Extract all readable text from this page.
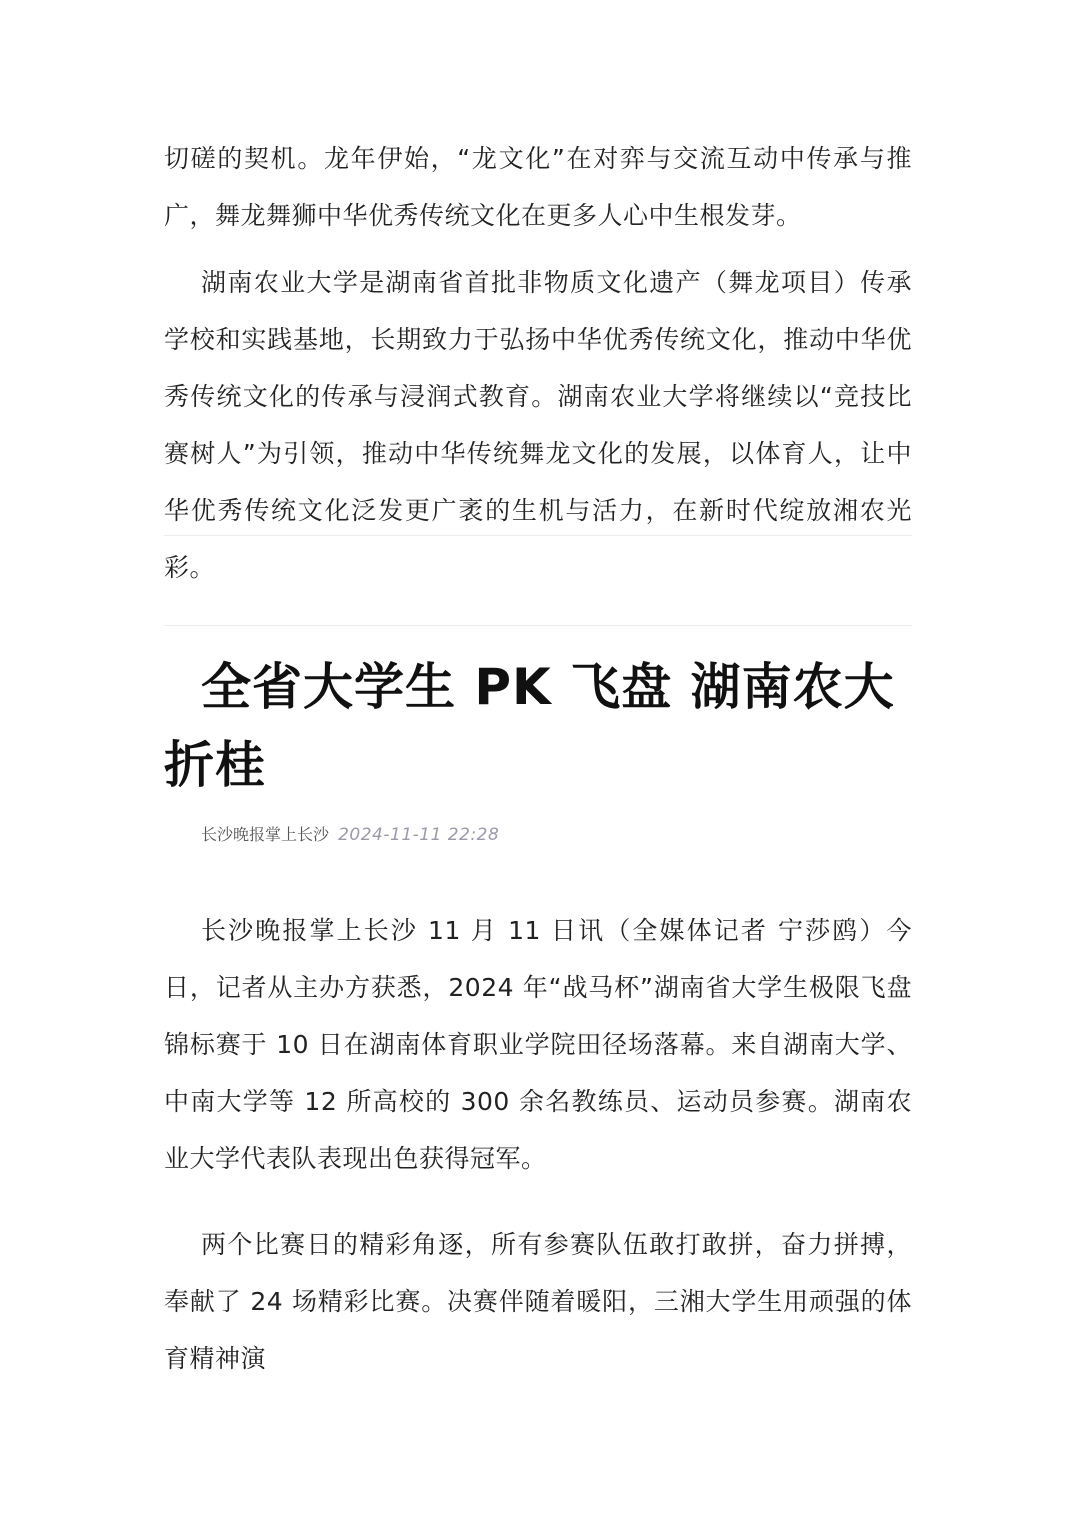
切磋的契机。龙年伊始，“龙文化”在对弈与交流互动中传承与推广，舞龙舞狮中华优秀传统文化在更多人心中生根发芽。

湖南农业大学是湖南省首批非物质文化遗产（舞龙项目）传承学校和实践基地，长期致力于弘扬中华优秀传统文化，推动中华优秀传统文化的传承与浸润式教育。湖南农业大学将继续以“竞技比赛树人”为引领，推动中华传统舞龙文化的发展，以体育人，让中华优秀传统文化泛发更广袤的生机与活力，在新时代绽放湘农光彩。

全省大学生 PK 飞盘 湖南农大折桂
长沙晚报掌上长沙 2024-11-11 22:28

长沙晚报掌上长沙 11 月 11 日讯（全媒体记者 宁莎鸥）今日，记者从主办方获悉，2024 年“战马杯”湖南省大学生极限飞盘锦标赛于 10 日在湖南体育职业学院田径场落幕。来自湖南大学、中南大学等 12 所高校的 300 余名教练员、运动员参赛。湖南农业大学代表队表现出色获得冠军。

两个比赛日的精彩角逐，所有参赛队伍敢打敢拼，奋力拼搏，奉献了 24 场精彩比赛。决赛伴随着暖阳，三湘大学生用顽强的体育精神演
